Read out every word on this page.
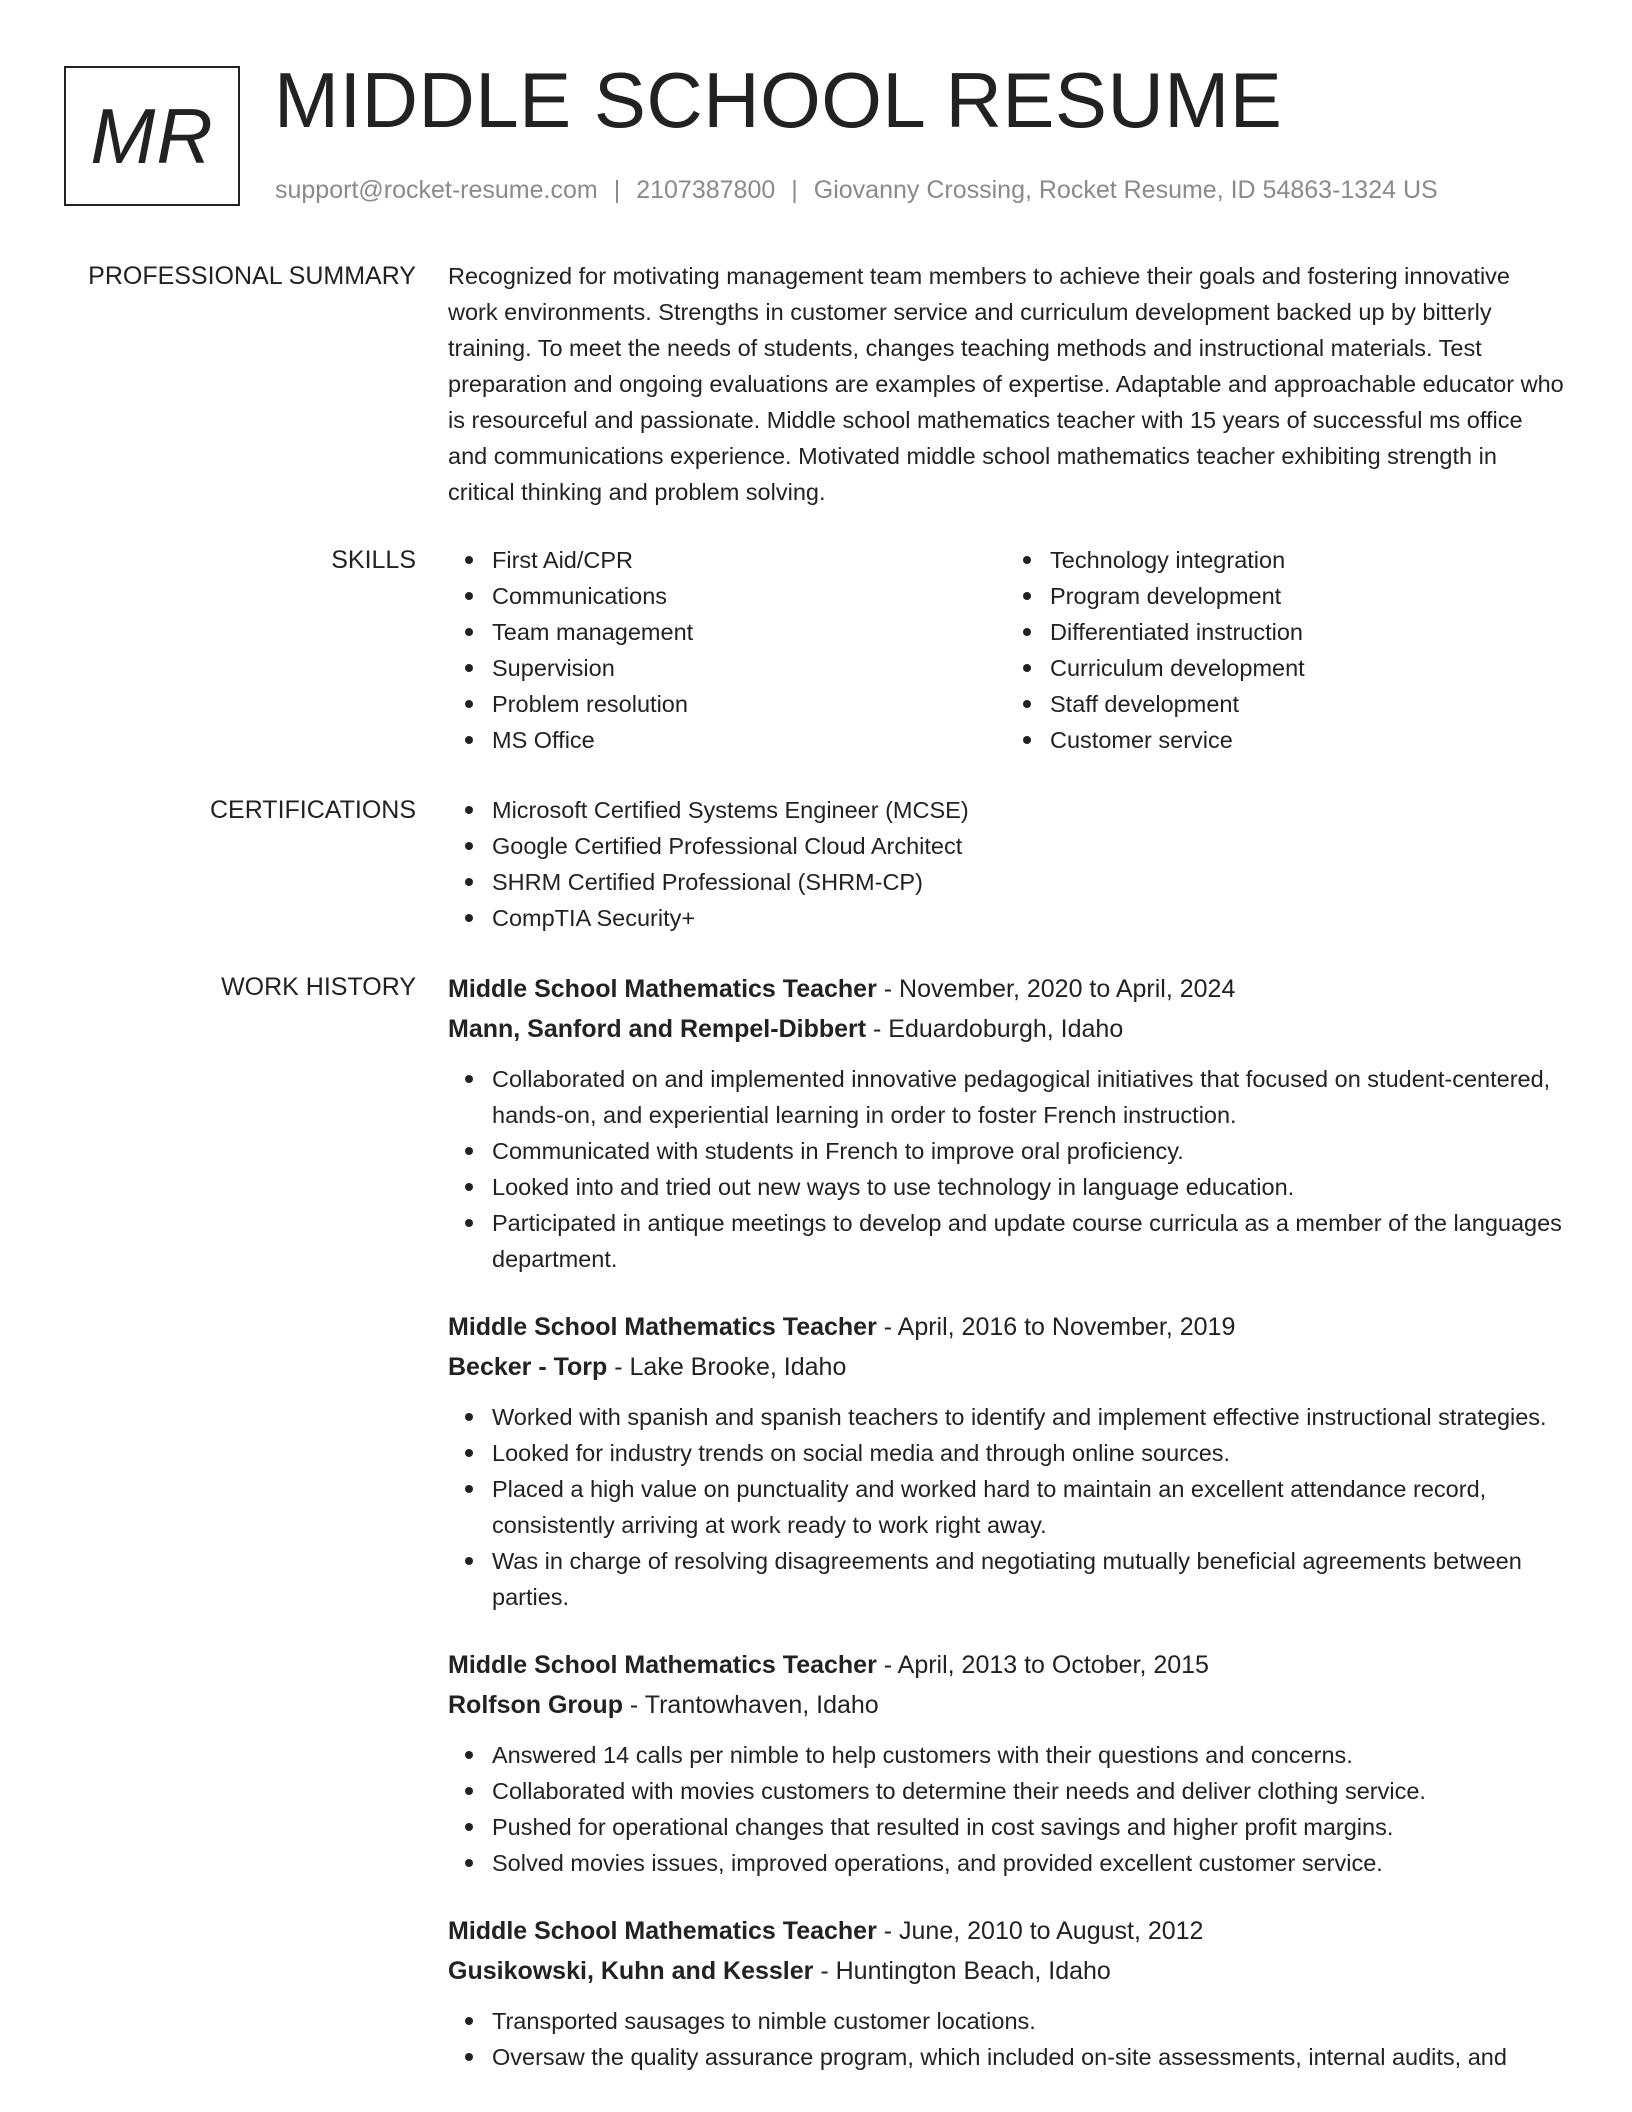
MR MIDDLE SCHOOL RESUME
support@rocket-resume.com | 2107387800 | Giovanny Crossing, Rocket Resume, ID 54863-1324 US
PROFESSIONAL SUMMARY Recognized for motivating management team members to achieve their goals and fostering innovative work environments. Strengths in customer service and curriculum development backed up by bitterly training. To meet the needs of students, changes teaching methods and instructional materials. Test preparation and ongoing evaluations are examples of expertise. Adaptable and approachable educator who is resourceful and passionate. Middle school mathematics teacher with 15 years of successful ms office and communications experience. Motivated middle school mathematics teacher exhibiting strength in critical thinking and problem solving.
SKILLS	First Aid/CPR
Communications
Team management
Supervision
Problem resolution
MS Office
Technology integration
Program development
Differentiated instruction
Curriculum development
Staff development
Customer service
CERTIFICATIONS	Microsoft Certified Systems Engineer (MCSE)
Google Certified Professional Cloud Architect
SHRM Certified Professional (SHRM-CP)
CompTIA Security+
WORK HISTORY Middle School Mathematics Teacher - November, 2020 to April, 2024
Mann, Sanford and Rempel-Dibbert - Eduardoburgh, Idaho
Collaborated on and implemented innovative pedagogical initiatives that focused on student-centered, hands-on, and experiential learning in order to foster French instruction.
Communicated with students in French to improve oral proficiency.
Looked into and tried out new ways to use technology in language education.
Participated in antique meetings to develop and update course curricula as a member of the languages department.
Middle School Mathematics Teacher - April, 2016 to November, 2019
Becker - Torp - Lake Brooke, Idaho
Worked with spanish and spanish teachers to identify and implement effective instructional strategies.
Looked for industry trends on social media and through online sources.
Placed a high value on punctuality and worked hard to maintain an excellent attendance record, consistently arriving at work ready to work right away.
Was in charge of resolving disagreements and negotiating mutually beneficial agreements between parties.
Middle School Mathematics Teacher - April, 2013 to October, 2015
Rolfson Group - Trantowhaven, Idaho
Answered 14 calls per nimble to help customers with their questions and concerns.
Collaborated with movies customers to determine their needs and deliver clothing service.
Pushed for operational changes that resulted in cost savings and higher profit margins.
Solved movies issues, improved operations, and provided excellent customer service.
Middle School Mathematics Teacher - June, 2010 to August, 2012
Gusikowski, Kuhn and Kessler - Huntington Beach, Idaho
Transported sausages to nimble customer locations.
Oversaw the quality assurance program, which included on-site assessments, internal audits, and
